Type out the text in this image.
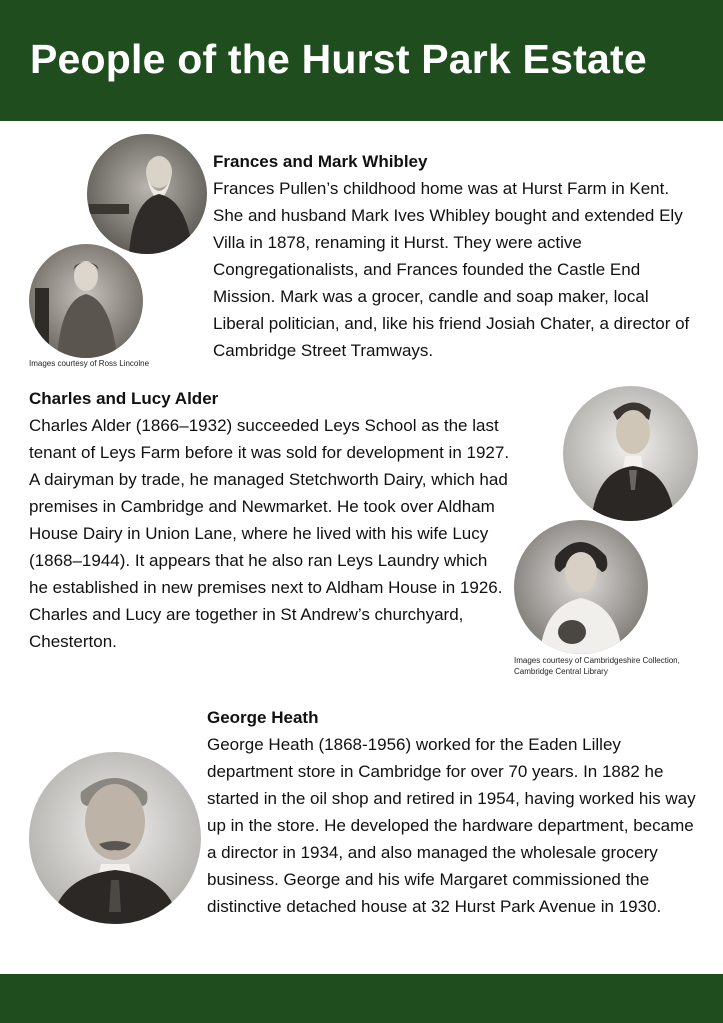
People of the Hurst Park Estate
Images courtesy of Ross Lincolne
Frances and Mark Whibley

Frances Pullen’s childhood home was at Hurst Farm in Kent. She and husband Mark Ives Whibley bought and extended Ely Villa in 1878, renaming it Hurst. They were active Congregationalists, and Frances founded the Castle End Mission. Mark was a grocer, candle and soap maker, local Liberal politician, and, like his friend Josiah Chater, a director of Cambridge Street Tramways.

Charles and Lucy Alder

Charles Alder (1866–1932) succeeded Leys School as the last tenant of Leys Farm before it was sold for development in 1927. A dairyman by trade, he managed Stetchworth Dairy, which had premises in Cambridge and Newmarket. He took over Aldham House Dairy in Union Lane, where he lived with his wife Lucy (1868–1944). It appears that he also ran Leys Laundry which he established in new premises next to Aldham House in 1926. Charles and Lucy are together in St Andrew’s churchyard, Chesterton.

Images courtesy of Cambridgeshire Collection, Cambridge Central Library
George Heath

George Heath (1868-1956) worked for the Eaden Lilley department store in Cambridge for over 70 years. In 1882 he started in the oil shop and retired in 1954, having worked his way up in the store. He developed the hardware department, became a director in 1934, and also managed the wholesale grocery business. George and his wife Margaret commissioned the distinctive detached house at 32 Hurst Park Avenue in 1930.
